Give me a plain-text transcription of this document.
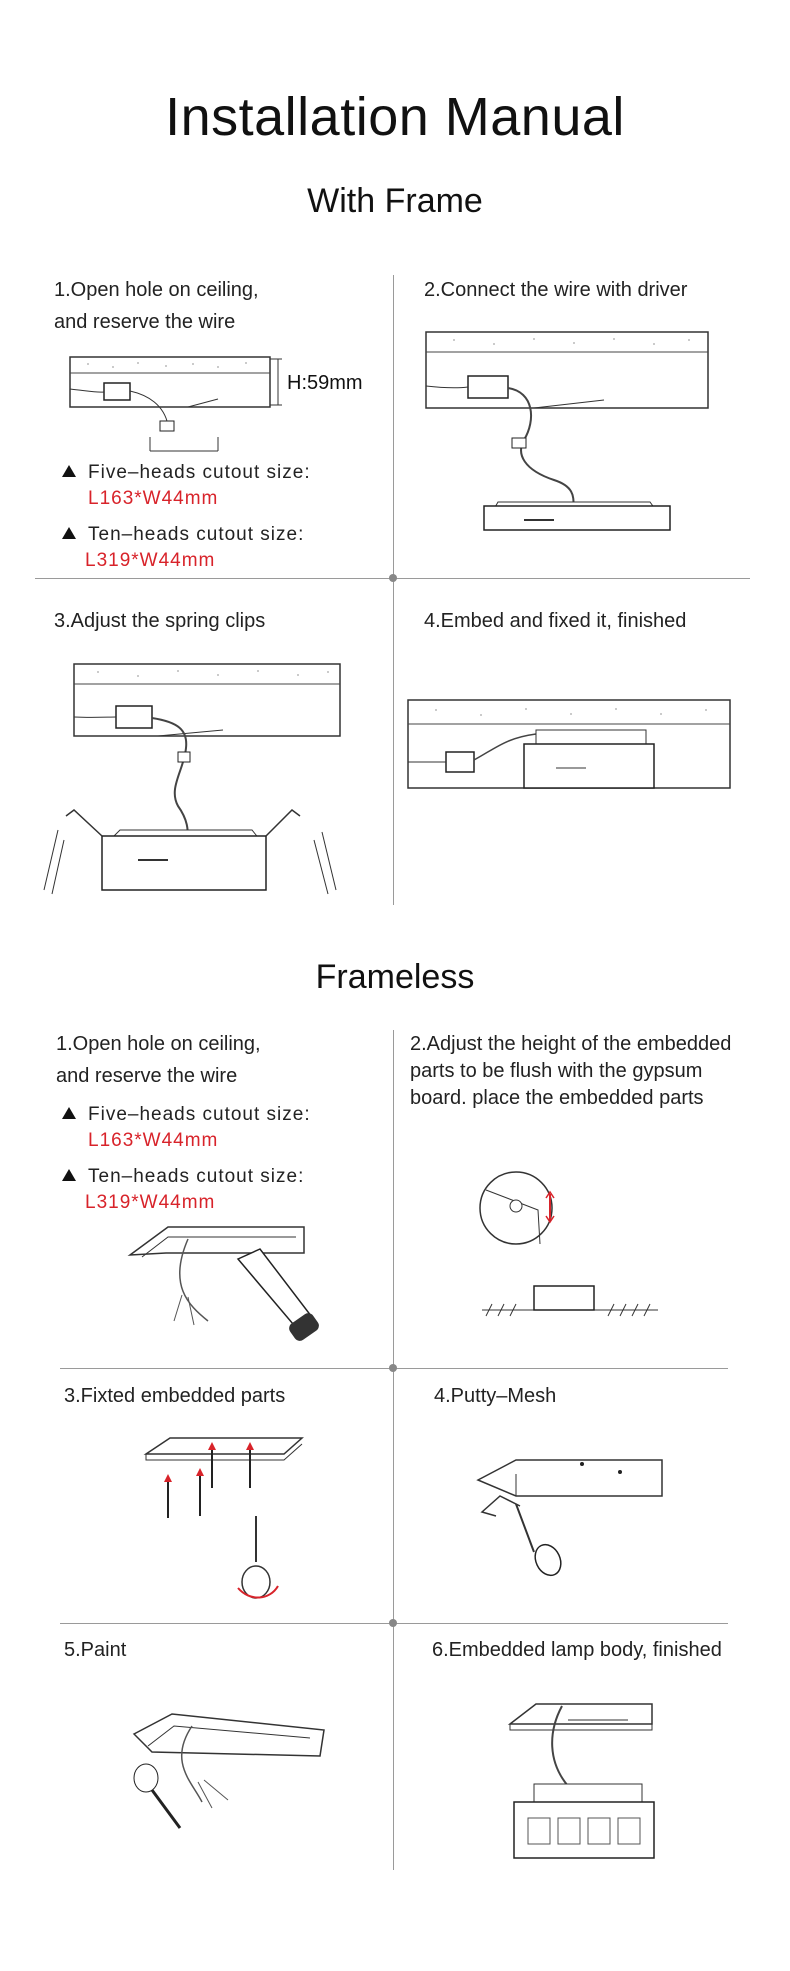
Installation Manual
With Frame
1.Open hole on ceiling,
and reserve the wire
H:59mm
Five–heads cutout size:
L163*W44mm
Ten–heads cutout size:
L319*W44mm
2.Connect the wire with driver
3.Adjust the spring clips	4.Embed and fixed it, finished
Frameless
1.Open hole on ceiling,
and reserve the wire
Five–heads cutout size:
L163*W44mm
Ten–heads cutout size:
L319*W44mm
2.Adjust the height of the embedded
parts to be flush with the gypsum
board. place the embedded parts
3.Fixted embedded parts	4.Putty–Mesh
5.Paint	6.Embedded lamp body, finished
